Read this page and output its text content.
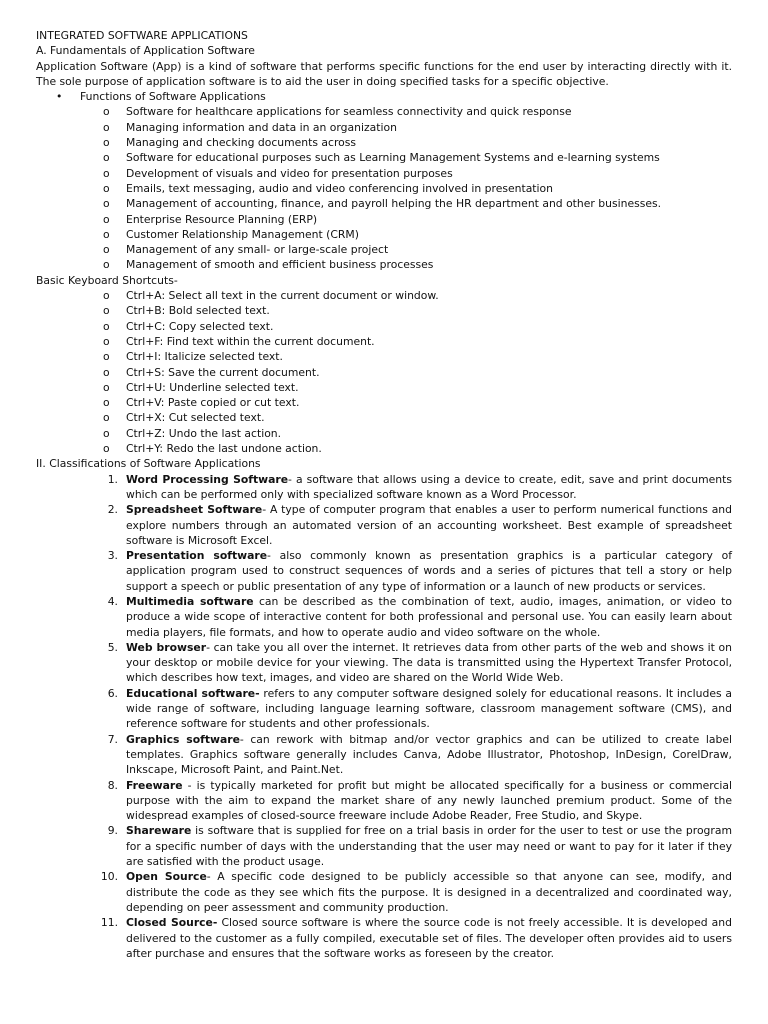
INTEGRATED SOFTWARE APPLICATIONS

A. Fundamentals of Application Software

Application Software (App) is a kind of software that performs specific functions for the end user by interacting directly with it. The sole purpose of application software is to aid the user in doing specified tasks for a specific objective.

• Functions of Software Applications
o Software for healthcare applications for seamless connectivity and quick response
o Managing information and data in an organization
o Managing and checking documents across
o Software for educational purposes such as Learning Management Systems and e-learning systems
o Development of visuals and video for presentation purposes
o Emails, text messaging, audio and video conferencing involved in presentation
o Management of accounting, finance, and payroll helping the HR department and other businesses.
o Enterprise Resource Planning (ERP)
o Customer Relationship Management (CRM)
o Management of any small- or large-scale project
o Management of smooth and efficient business processes

Basic Keyboard Shortcuts-

o Ctrl+A: Select all text in the current document or window.
o Ctrl+B: Bold selected text.
o Ctrl+C: Copy selected text.
o Ctrl+F: Find text within the current document.
o Ctrl+I: Italicize selected text.
o Ctrl+S: Save the current document.
o Ctrl+U: Underline selected text.
o Ctrl+V: Paste copied or cut text.
o Ctrl+X: Cut selected text.
o Ctrl+Z: Undo the last action.
o Ctrl+Y: Redo the last undone action.

II. Classifications of Software Applications

1. Word Processing Software- a software that allows using a device to create, edit, save and print documents which can be performed only with specialized software known as a Word Processor.
2. Spreadsheet Software- A type of computer program that enables a user to perform numerical functions and explore numbers through an automated version of an accounting worksheet. Best example of spreadsheet software is Microsoft Excel.
3. Presentation software- also commonly known as presentation graphics is a particular category of application program used to construct sequences of words and a series of pictures that tell a story or help support a speech or public presentation of any type of information or a launch of new products or services.
4. Multimedia software can be described as the combination of text, audio, images, animation, or video to produce a wide scope of interactive content for both professional and personal use. You can easily learn about media players, file formats, and how to operate audio and video software on the whole.
5. Web browser- can take you all over the internet. It retrieves data from other parts of the web and shows it on your desktop or mobile device for your viewing. The data is transmitted using the Hypertext Transfer Protocol, which describes how text, images, and video are shared on the World Wide Web.
6. Educational software- refers to any computer software designed solely for educational reasons. It includes a wide range of software, including language learning software, classroom management software (CMS), and reference software for students and other professionals.
7. Graphics software- can rework with bitmap and/or vector graphics and can be utilized to create label templates. Graphics software generally includes Canva, Adobe Illustrator, Photoshop, InDesign, CorelDraw, Inkscape, Microsoft Paint, and Paint.Net.
8. Freeware - is typically marketed for profit but might be allocated specifically for a business or commercial purpose with the aim to expand the market share of any newly launched premium product. Some of the widespread examples of closed-source freeware include Adobe Reader, Free Studio, and Skype.
9. Shareware is software that is supplied for free on a trial basis in order for the user to test or use the program for a specific number of days with the understanding that the user may need or want to pay for it later if they are satisfied with the product usage.
10. Open Source- A specific code designed to be publicly accessible so that anyone can see, modify, and distribute the code as they see which fits the purpose. It is designed in a decentralized and coordinated way, depending on peer assessment and community production.
11. Closed Source- Closed source software is where the source code is not freely accessible. It is developed and delivered to the customer as a fully compiled, executable set of files. The developer often provides aid to users after purchase and ensures that the software works as foreseen by the creator.
